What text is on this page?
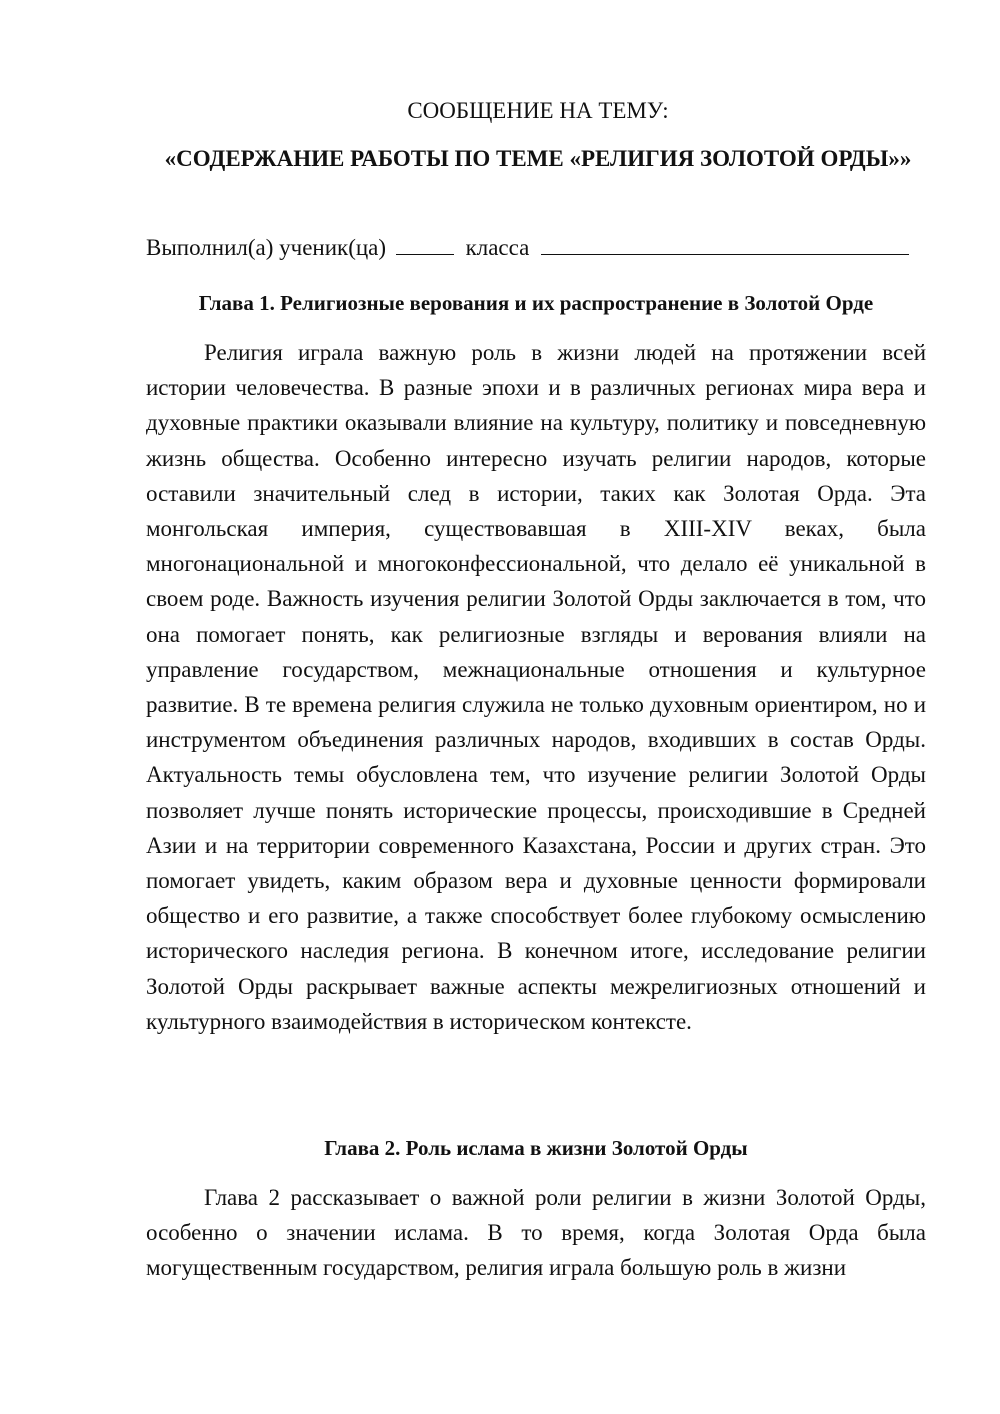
СООБЩЕНИЕ НА ТЕМУ:
«СОДЕРЖАНИЕ РАБОТЫ ПО ТЕМЕ «РЕЛИГИЯ ЗОЛОТОЙ ОРДЫ»»
Выполнил(а) ученик(ца)	класса
Глава 1. Религиозные верования и их распространение в Золотой Орде

Религия играла важную роль в жизни людей на протяжении всей истории человечества. В разные эпохи и в различных регионах мира вера и духовные практики оказывали влияние на культуру, политику и повседневную жизнь общества. Особенно интересно изучать религии народов, которые оставили значительный след в истории, таких как Золотая Орда. Эта монгольская империя, существовавшая в XIII-XIV веках, была многонациональной и многоконфессиональной, что делало её уникальной в своем роде. Важность изучения религии Золотой Орды заключается в том, что она помогает понять, как религиозные взгляды и верования влияли на управление государством, межнациональные отношения и культурное развитие. В те времена религия служила не только духовным ориентиром, но и инструментом объединения различных народов, входивших в состав Орды. Актуальность темы обусловлена тем, что изучение религии Золотой Орды позволяет лучше понять исторические процессы, происходившие в Средней Азии и на территории современного Казахстана, России и других стран. Это помогает увидеть, каким образом вера и духовные ценности формировали общество и его развитие, а также способствует более глубокому осмыслению исторического наследия региона. В конечном итоге, исследование религии Золотой Орды раскрывает важные аспекты межрелигиозных отношений и культурного взаимодействия в историческом контексте.

Глава 2. Роль ислама в жизни Золотой Орды

Глава 2 рассказывает о важной роли религии в жизни Золотой Орды, особенно о значении ислама. В то время, когда Золотая Орда была могущественным государством, религия играла большую роль в жизни
